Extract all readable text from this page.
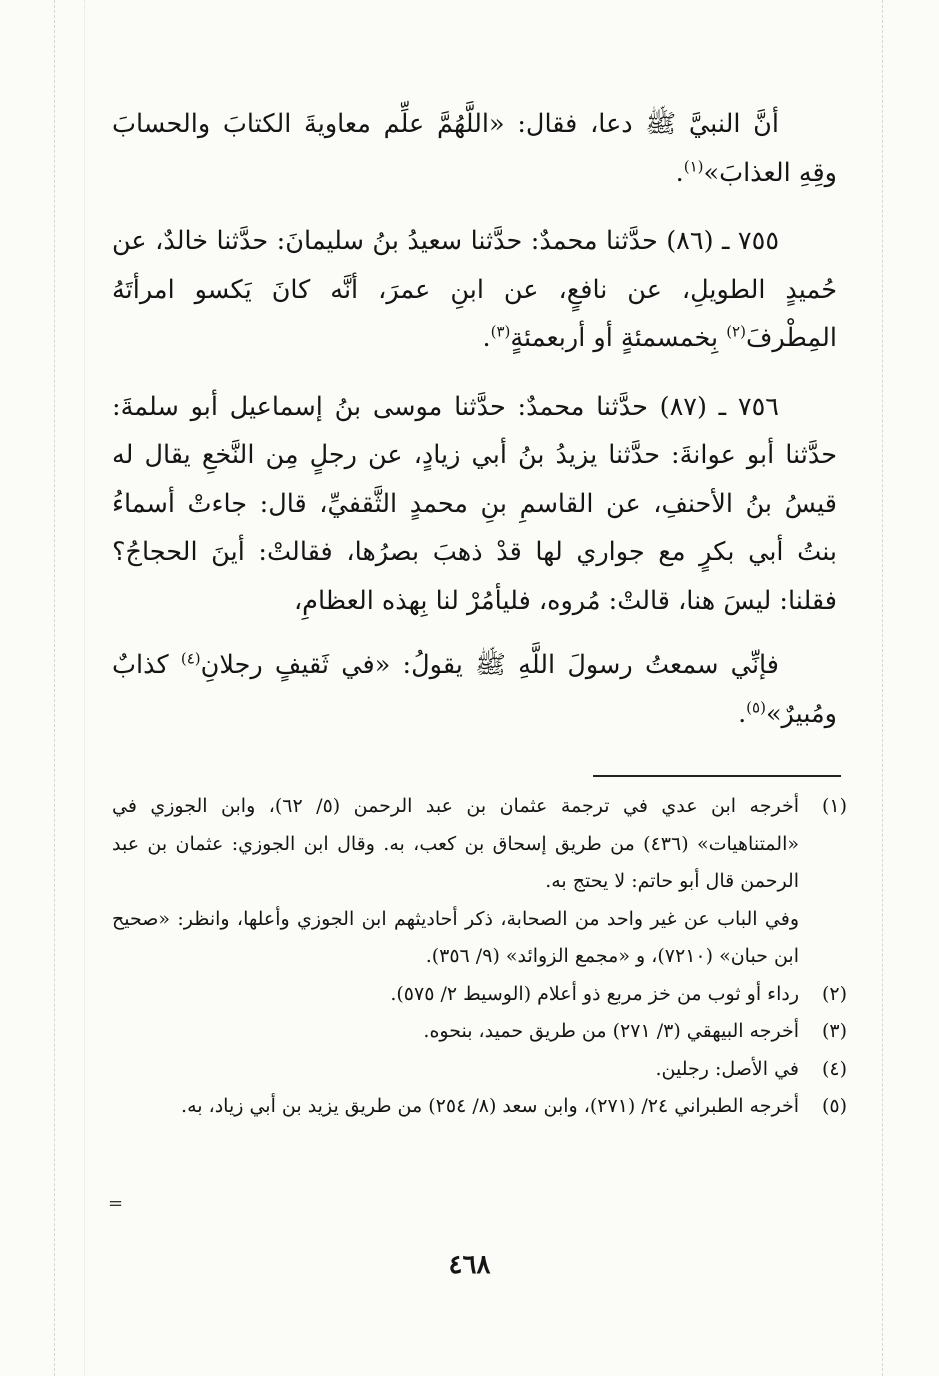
أنَّ النبيَّ ﷺ دعا، فقال: «اللَّهُمَّ علِّم معاويةَ الكتابَ والحسابَ وقِهِ العذابَ»$^{(١)}$.

٧٥٥ ـ (٨٦) حدَّثنا محمدٌ: حدَّثنا سعيدُ بنُ سليمانَ: حدَّثنا خالدٌ، عن حُميدٍ الطويلِ، عن نافعٍ، عن ابنِ عمرَ، أنَّه كانَ يَكسو امرأتَهُ المِطْرفَ$^{(٢)}$ بِخمسمئةٍ أو أربعمئةٍ$^{(٣)}$.

٧٥٦ ـ (٨٧) حدَّثنا محمدٌ: حدَّثنا موسى بنُ إسماعيل أبو سلمةَ: حدَّثنا أبو عوانةَ: حدَّثنا يزيدُ بنُ أبي زيادٍ، عن رجلٍ مِن النَّخعِ يقال له قيسُ بنُ الأحنفِ، عن القاسمِ بنِ محمدٍ الثَّقفيِّ، قال: جاءتْ أسماءُ بنتُ أبي بكرٍ مع جواري لها قدْ ذهبَ بصرُها، فقالتْ: أينَ الحجاجُ؟ فقلنا: ليسَ هنا، قالتْ: مُروه، فليأمُرْ لنا بِهذه العظامِ،

فإنِّي سمعتُ رسولَ اللَّهِ ﷺ يقولُ: «في ثَقيفٍ رجلانِ$^{(٤)}$ كذابٌ ومُبيرٌ»$^{(٥)}$.

(١)

أخرجه ابن عدي في ترجمة عثمان بن عبد الرحمن (٥/ ٦٢)، وابن الجوزي في «المتناهيات» (٤٣٦) من طريق إسحاق بن كعب، به. وقال ابن الجوزي: عثمان بن عبد الرحمن قال أبو حاتم: لا يحتج به.

وفي الباب عن غير واحد من الصحابة، ذكر أحاديثهم ابن الجوزي وأعلها، وانظر: «صحيح ابن حبان» (٧٢١٠)، و «مجمع الزوائد» (٩/ ٣٥٦).

(٢)

رداء أو ثوب من خز مربع ذو أعلام (الوسيط ٢/ ٥٧٥).

(٣)

أخرجه البيهقي (٣/ ٢٧١) من طريق حميد، بنحوه.

(٤)

في الأصل: رجلين.

(٥)

أخرجه الطبراني ٢٤/ (٢٧١)، وابن سعد (٨/ ٢٥٤) من طريق يزيد بن أبي زياد، به.

=
٤٦٨
